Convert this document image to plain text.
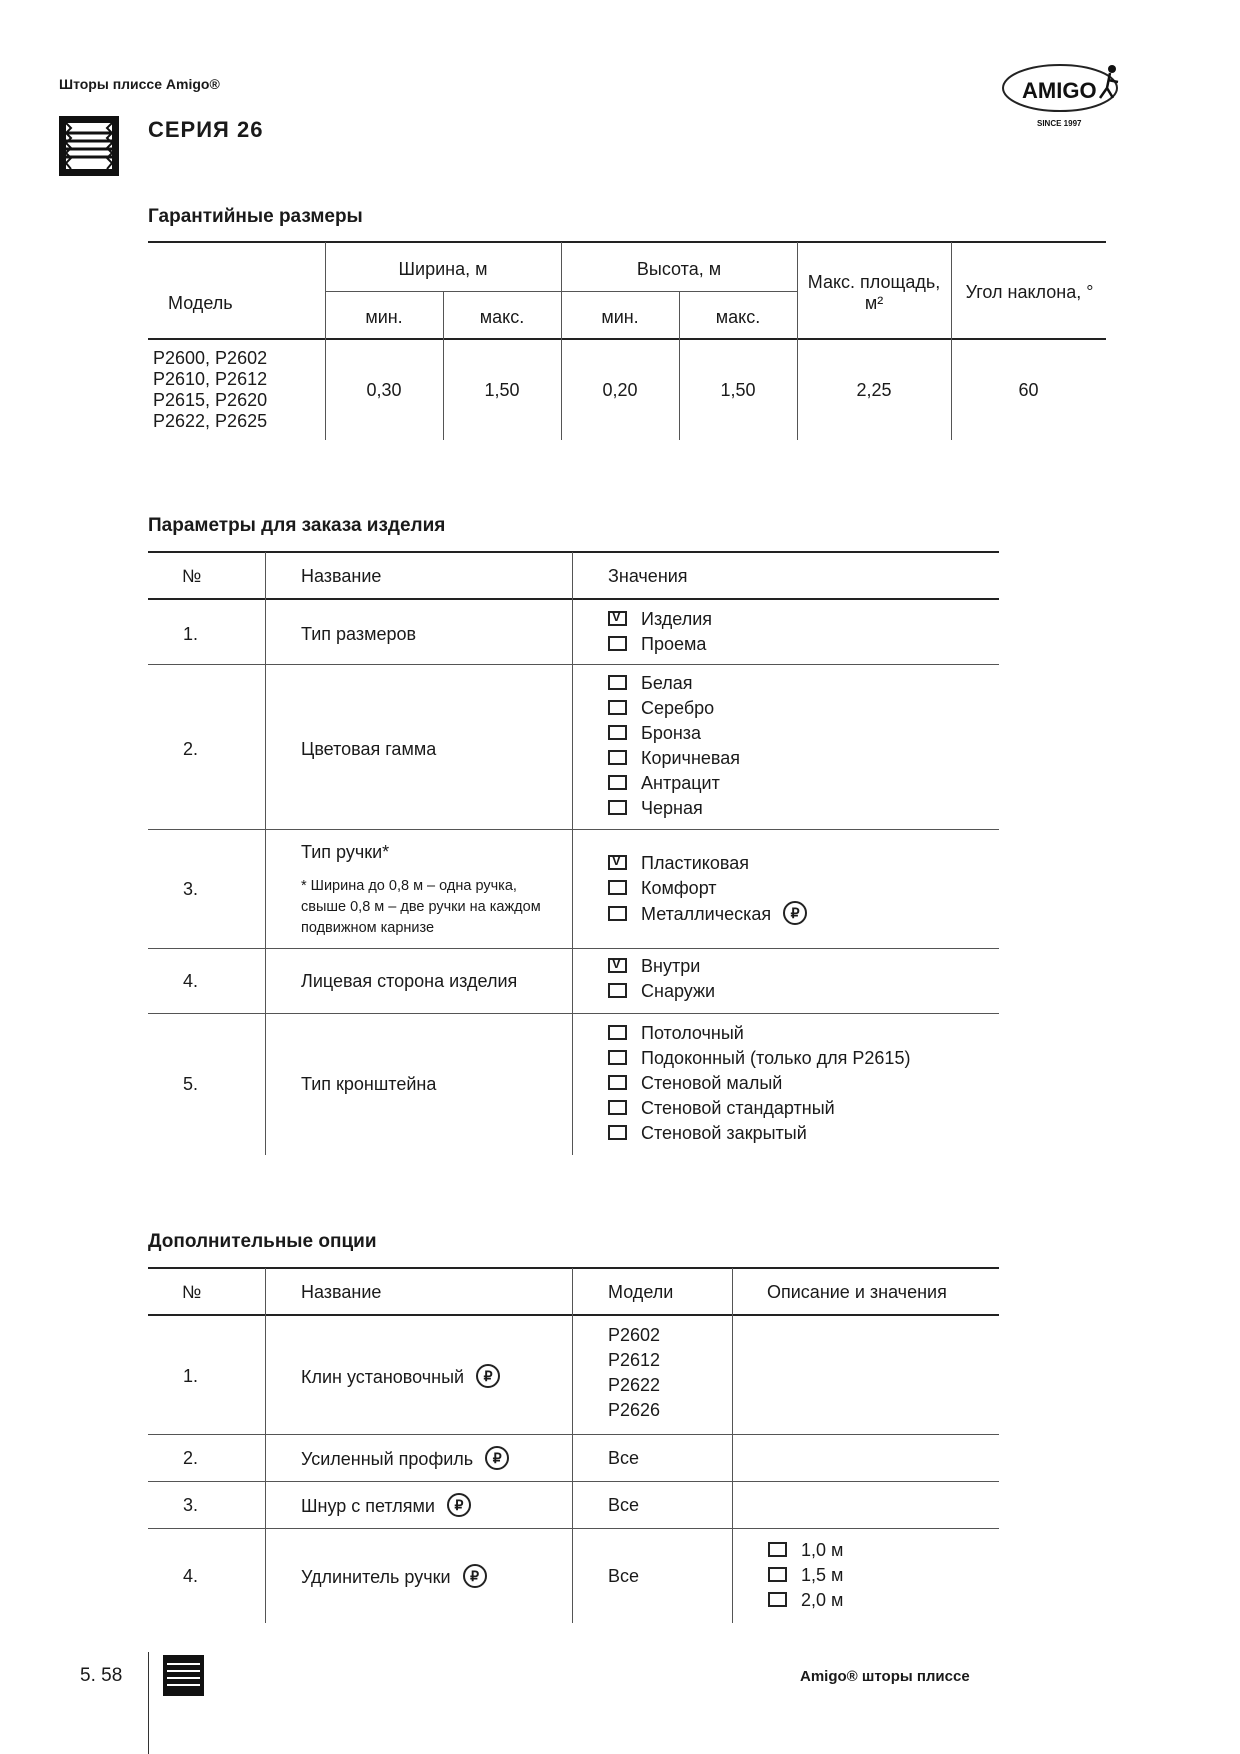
Шторы плиссе Amigo®
СЕРИЯ 26
AMIGO
SINCE 1997
Гарантийные размеры
Модель
Ширина, м	Высота, м
мин.	макс.	мин.	макс.
Макс. площадь, м²
Угол наклона, °
P2600, P2602
P2610, P2612
P2615, P2620
P2622, P2625
0,30	1,50	0,20	1,50	2,25	60
Параметры для заказа изделия
№	Название	Значения
1.	Тип размеров
VИзделия
Проема
2.	Цветовая гамма
Белая
Серебро
Бронза
Коричневая
Антрацит
Черная
3.
Тип ручки*
* Ширина до 0,8 м – одна ручка,
свыше 0,8 м – две ручки на каждом
подвижном карнизе
VПластиковая
Комфорт
Металлическая ₽
4.	Лицевая сторона изделия
VВнутри
Снаружи
5.	Тип кронштейна
Потолочный
Подоконный (только для P2615)
Стеновой малый
Стеновой стандартный
Стеновой закрытый
Дополнительные опции
№	Название	Модели	Описание и значения
1.	Клин установочный ₽
P2602
P2612
P2622
P2626
2.	Усиленный профиль ₽	Все
3.	Шнур с петлями ₽	Все
4.	Удлинитель ручки ₽	Все
1,0 м
1,5 м
2,0 м
5. 58	Amigo® шторы плиссе
